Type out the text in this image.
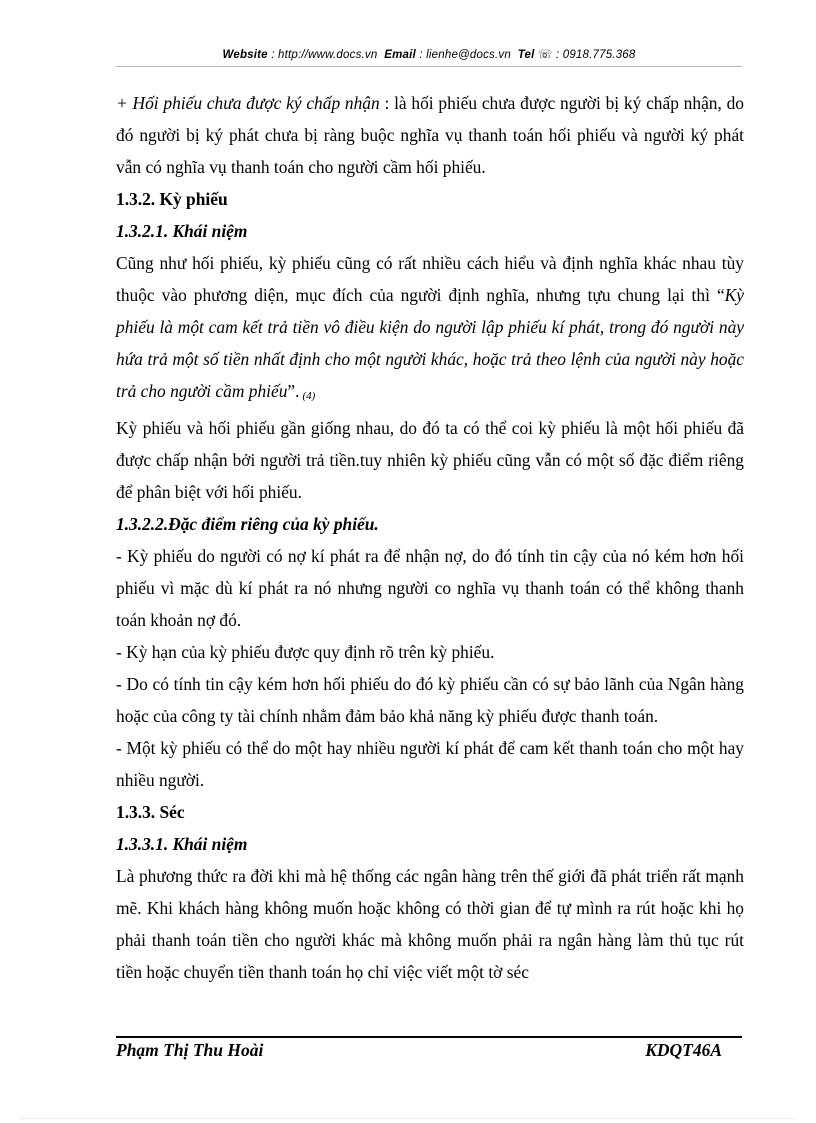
Website : http://www.docs.vn Email : lienhe@docs.vn Tel ☏ : 0918.775.368

+ Hối phiếu chưa được ký chấp nhận : là hối phiếu chưa được người bị ký chấp nhận, do đó người bị ký phát chưa bị ràng buộc nghĩa vụ thanh toán hối phiếu và người ký phát vẫn có nghĩa vụ thanh toán cho người cầm hối phiếu.

1.3.2. Kỳ phiếu

1.3.2.1. Khái niệm

Cũng như hối phiếu, kỳ phiếu cũng có rất nhiều cách hiểu và định nghĩa khác nhau tùy thuộc vào phương diện, mục đích của người định nghĩa, nhưng tựu chung lại thì “Kỳ phiếu là một cam kết trả tiền vô điều kiện do người lập phiếu kí phát, trong đó người này hứa trả một số tiền nhất định cho một người khác, hoặc trả theo lệnh của người này hoặc trả cho người cầm phiếu”. (4)

Kỳ phiếu và hối phiếu gần giống nhau, do đó ta có thể coi kỳ phiếu là một hối phiếu đã được chấp nhận bởi người trả tiền.tuy nhiên kỳ phiếu cũng vẫn có một số đặc điểm riêng để phân biệt với hối phiếu.

1.3.2.2.Đặc điểm riêng của kỳ phiếu.

- Kỳ phiếu do người có nợ kí phát ra để nhận nợ, do đó tính tin cậy của nó kém hơn hối phiếu vì mặc dù kí phát ra nó nhưng người co nghĩa vụ thanh toán có thể không thanh toán khoản nợ đó.

- Kỳ hạn của kỳ phiếu được quy định rõ trên kỳ phiếu.

- Do có tính tin cậy kém hơn hối phiếu do đó kỳ phiếu cần có sự bảo lãnh của Ngân hàng hoặc của công ty tài chính nhằm đảm bảo khả năng kỳ phiếu được thanh toán.

- Một kỳ phiếu có thể do một hay nhiều người kí phát để cam kết thanh toán cho một hay nhiều người.

1.3.3. Séc

1.3.3.1. Khái niệm

Là phương thức ra đời khi mà hệ thống các ngân hàng trên thế giới đã phát triển rất mạnh mẽ. Khi khách hàng không muốn hoặc không có thời gian để tự mình ra rút hoặc khi họ phải thanh toán tiền cho người khác mà không muốn phải ra ngân hàng làm thủ tục rút tiền hoặc chuyển tiền thanh toán họ chỉ việc viết một tờ séc

Phạm Thị Thu Hoài	KDQT46A
